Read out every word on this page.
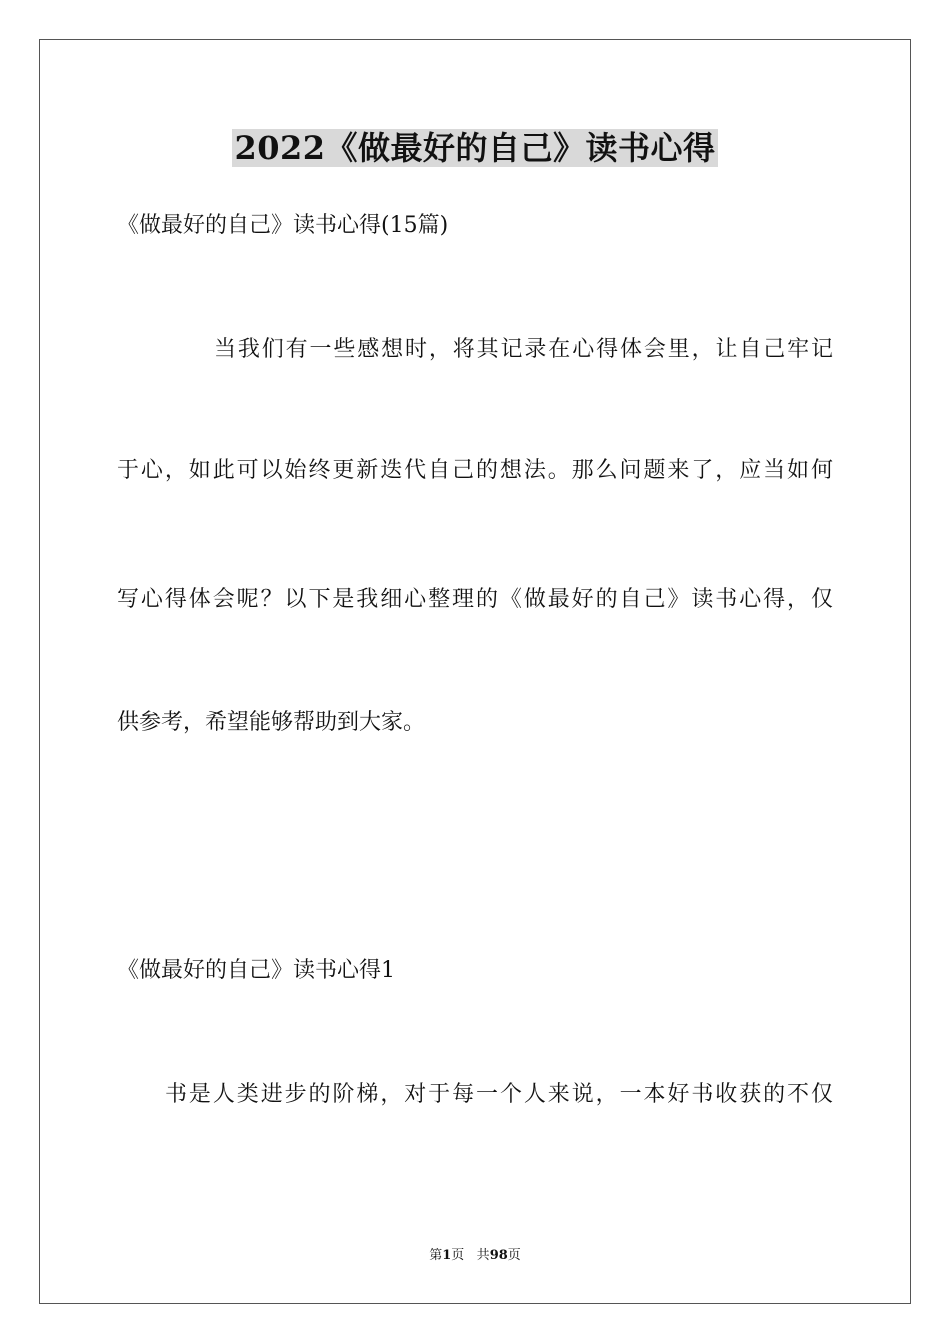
2022《做最好的自己》读书心得
《做最好的自己》读书心得(15篇)
当我们有一些感想时，将其记录在心得体会里，让自己牢记
于心，如此可以始终更新迭代自己的想法。那么问题来了，应当如何
写心得体会呢？以下是我细心整理的《做最好的自己》读书心得，仅
供参考，希望能够帮助到大家。
《做最好的自己》读书心得1
书是人类进步的阶梯，对于每一个人来说，一本好书收获的不仅
第1页 共98页
